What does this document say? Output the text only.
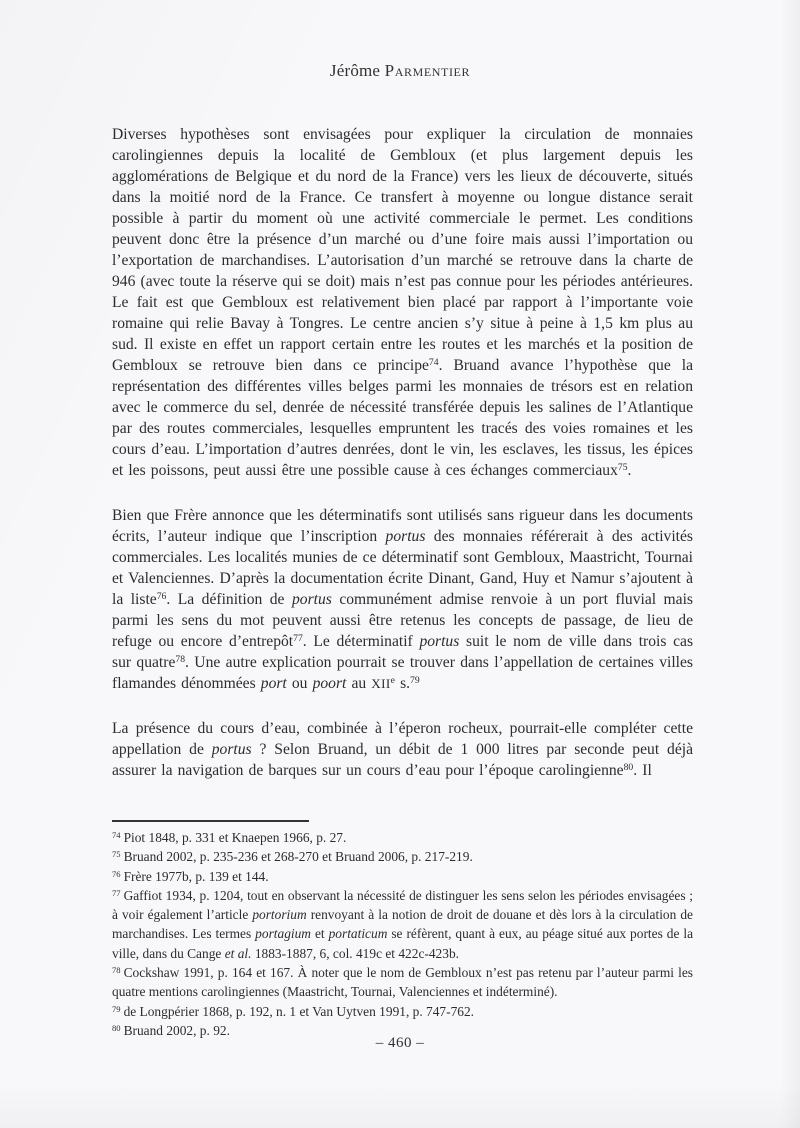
Jérôme Parmentier

Diverses hypothèses sont envisagées pour expliquer la circulation de monnaies carolingiennes depuis la localité de Gembloux (et plus largement depuis les agglomérations de Belgique et du nord de la France) vers les lieux de découverte, situés dans la moitié nord de la France. Ce transfert à moyenne ou longue distance serait possible à partir du moment où une activité commerciale le permet. Les conditions peuvent donc être la présence d’un marché ou d’une foire mais aussi l’importation ou l’exportation de marchandises. L’autorisation d’un marché se retrouve dans la charte de 946 (avec toute la réserve qui se doit) mais n’est pas connue pour les périodes antérieures. Le fait est que Gembloux est relativement bien placé par rapport à l’importante voie romaine qui relie Bavay à Tongres. Le centre ancien s’y situe à peine à 1,5 km plus au sud. Il existe en effet un rapport certain entre les routes et les marchés et la position de Gembloux se retrouve bien dans ce principe$^{74}$. Bruand avance l’hypothèse que la représentation des différentes villes belges parmi les monnaies de trésors est en relation avec le commerce du sel, denrée de nécessité transférée depuis les salines de l’Atlantique par des routes commerciales, lesquelles empruntent les tracés des voies romaines et les cours d’eau. L’importation d’autres denrées, dont le vin, les esclaves, les tissus, les épices et les poissons, peut aussi être une possible cause à ces échanges commerciaux$^{75}$.

Bien que Frère annonce que les déterminatifs sont utilisés sans rigueur dans les documents écrits, l’auteur indique que l’inscription portus des monnaies référerait à des activités commerciales. Les localités munies de ce déterminatif sont Gembloux, Maastricht, Tournai et Valenciennes. D’après la documentation écrite Dinant, Gand, Huy et Namur s’ajoutent à la liste$^{76}$. La définition de portus communément admise renvoie à un port fluvial mais parmi les sens du mot peuvent aussi être retenus les concepts de passage, de lieu de refuge ou encore d’entrepôt$^{77}$. Le déterminatif portus suit le nom de ville dans trois cas sur quatre$^{78}$. Une autre explication pourrait se trouver dans l’appellation de certaines villes flamandes dénommées port ou poort au XIIe s.$^{79}$

La présence du cours d’eau, combinée à l’éperon rocheux, pourrait-elle compléter cette appellation de portus ? Selon Bruand, un débit de 1 000 litres par seconde peut déjà assurer la navigation de barques sur un cours d’eau pour l’époque carolingienne$^{80}$. Il

$^{74}$ Piot 1848, p. 331 et Knaepen 1966, p. 27.

$^{75}$ Bruand 2002, p. 235-236 et 268-270 et Bruand 2006, p. 217-219.

$^{76}$ Frère 1977b, p. 139 et 144.

$^{77}$ Gaffiot 1934, p. 1204, tout en observant la nécessité de distinguer les sens selon les périodes envisagées ; à voir également l’article portorium renvoyant à la notion de droit de douane et dès lors à la circulation de marchandises. Les termes portagium et portaticum se réfèrent, quant à eux, au péage situé aux portes de la ville, dans du Cange et al. 1883-1887, 6, col. 419c et 422c-423b.

$^{78}$ Cockshaw 1991, p. 164 et 167. À noter que le nom de Gembloux n’est pas retenu par l’auteur parmi les quatre mentions carolingiennes (Maastricht, Tournai, Valenciennes et indéterminé).

$^{79}$ de Longpérier 1868, p. 192, n. 1 et Van Uytven 1991, p. 747-762.

$^{80}$ Bruand 2002, p. 92.

– 460 –
